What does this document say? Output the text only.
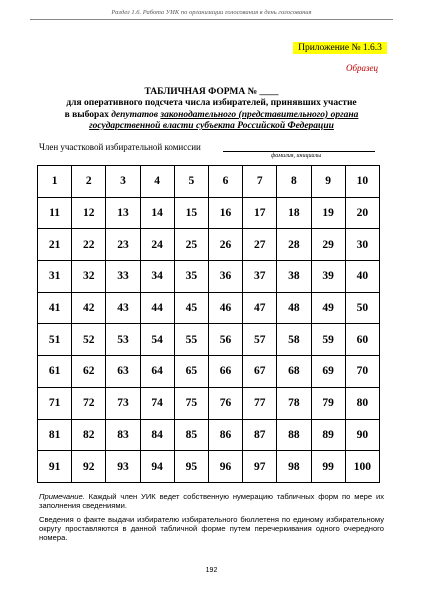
Раздел 1.6. Работа УИК по организации голосования в день голосования
Приложение № 1.6.3
Образец
ТАБЛИЧНАЯ ФОРМА № ____
для оперативного подсчета числа избирателей, принявших участие
в выборах депутатов законодательного (представительного) органа
государственной власти субъекта Российской Федерации
Член участковой избирательной комиссии
фамилия, инициалы
1	2	3	4	5	6	7	8	9	10
11	12	13	14	15	16	17	18	19	20
21	22	23	24	25	26	27	28	29	30
31	32	33	34	35	36	37	38	39	40
41	42	43	44	45	46	47	48	49	50
51	52	53	54	55	56	57	58	59	60
61	62	63	64	65	66	67	68	69	70
71	72	73	74	75	76	77	78	79	80
81	82	83	84	85	86	87	88	89	90
91	92	93	94	95	96	97	98	99	100
Примечание. Каждый член УИК ведет собственную нумерацию табличных форм по мере их заполнения сведениями.
Сведения о факте выдачи избирателю избирательного бюллетеня по единому избирательному округу проставляются в данной табличной форме путем перечеркивания одного очередного номера.
192
